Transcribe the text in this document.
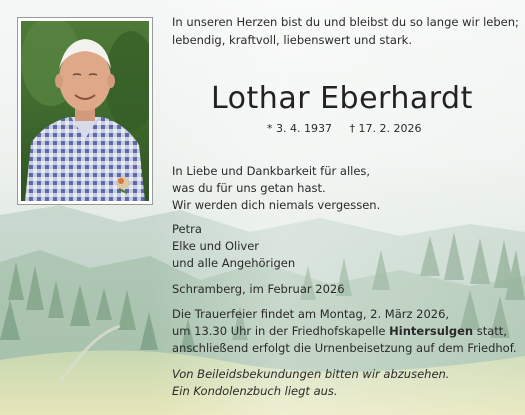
In unseren Herzen bist du und bleibst du so lange wir leben;
lebendig, kraftvoll, liebenswert und stark.
Lothar Eberhardt
* 3. 4. 1937 † 17. 2. 2026
In Liebe und Dankbarkeit für alles,
was du für uns getan hast.
Wir werden dich niemals vergessen.
Petra
Elke und Oliver
und alle Angehörigen
Schramberg, im Februar 2026
Die Trauerfeier findet am Montag, 2. März 2026,
um 13.30 Uhr in der Friedhofskapelle Hintersulgen statt,
anschließend erfolgt die Urnenbeisetzung auf dem Friedhof.
Von Beileidsbekundungen bitten wir abzusehen.
Ein Kondolenzbuch liegt aus.
